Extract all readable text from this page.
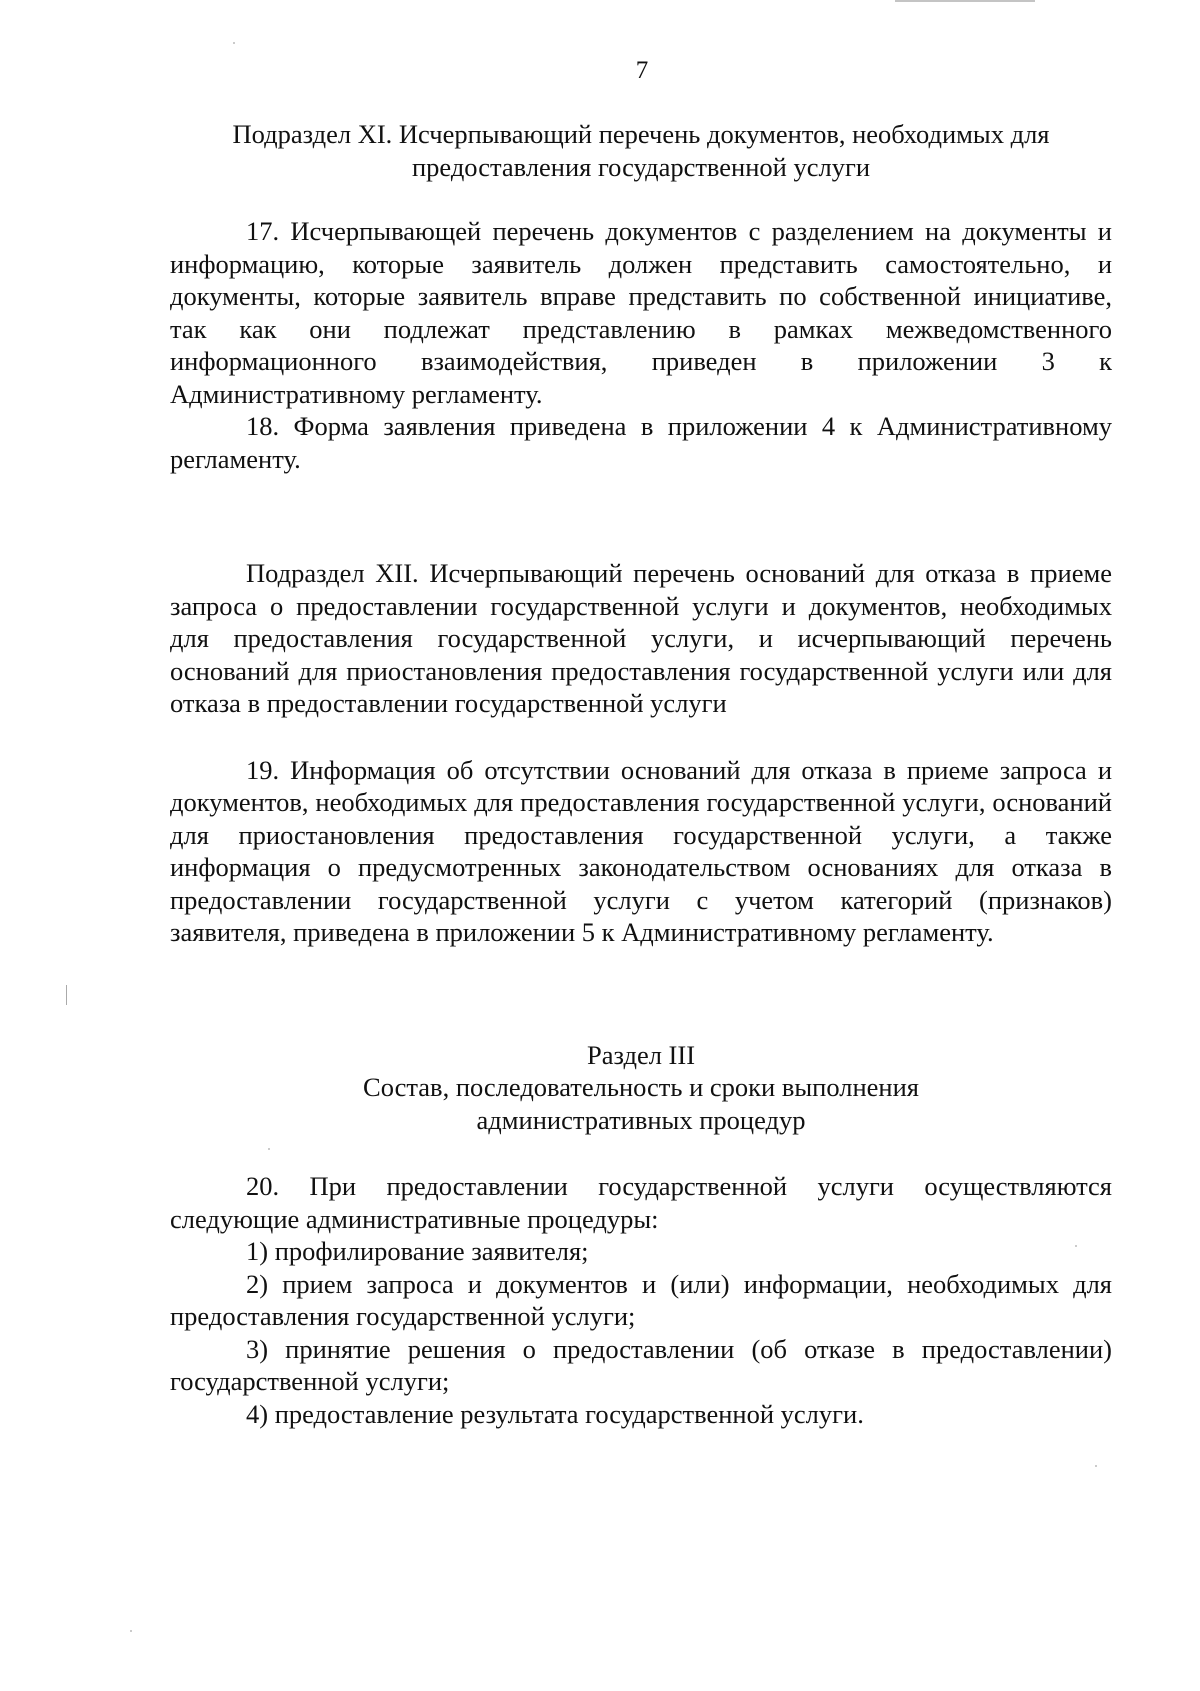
7

Подраздел XI. Исчерпывающий перечень документов, необходимых для предоставления государственной услуги

17. Исчерпывающей перечень документов с разделением на документы и информацию, которые заявитель должен представить самостоятельно, и документы, которые заявитель вправе представить по собственной инициативе, так как они подлежат представлению в рамках межведомственного информационного взаимодействия, приведен в приложении 3 к Административному регламенту.

18. Форма заявления приведена в приложении 4 к Административному регламенту.

Подраздел XII. Исчерпывающий перечень оснований для отказа в приеме запроса о предоставлении государственной услуги и документов, необходимых для предоставления государственной услуги, и исчерпывающий перечень оснований для приостановления предоставления государственной услуги или для отказа в предоставлении государственной услуги

19. Информация об отсутствии оснований для отказа в приеме запроса и документов, необходимых для предоставления государственной услуги, оснований для приостановления предоставления государственной услуги, а также информация о предусмотренных законодательством основаниях для отказа в предоставлении государственной услуги с учетом категорий (признаков) заявителя, приведена в приложении 5 к Административному регламенту.

Раздел III

Состав, последовательность и сроки выполнения административных процедур

20. При предоставлении государственной услуги осуществляются следующие административные процедуры:

1) профилирование заявителя;

2) прием запроса и документов и (или) информации, необходимых для предоставления государственной услуги;

3) принятие решения о предоставлении (об отказе в предоставлении) государственной услуги;

4) предоставление результата государственной услуги.
